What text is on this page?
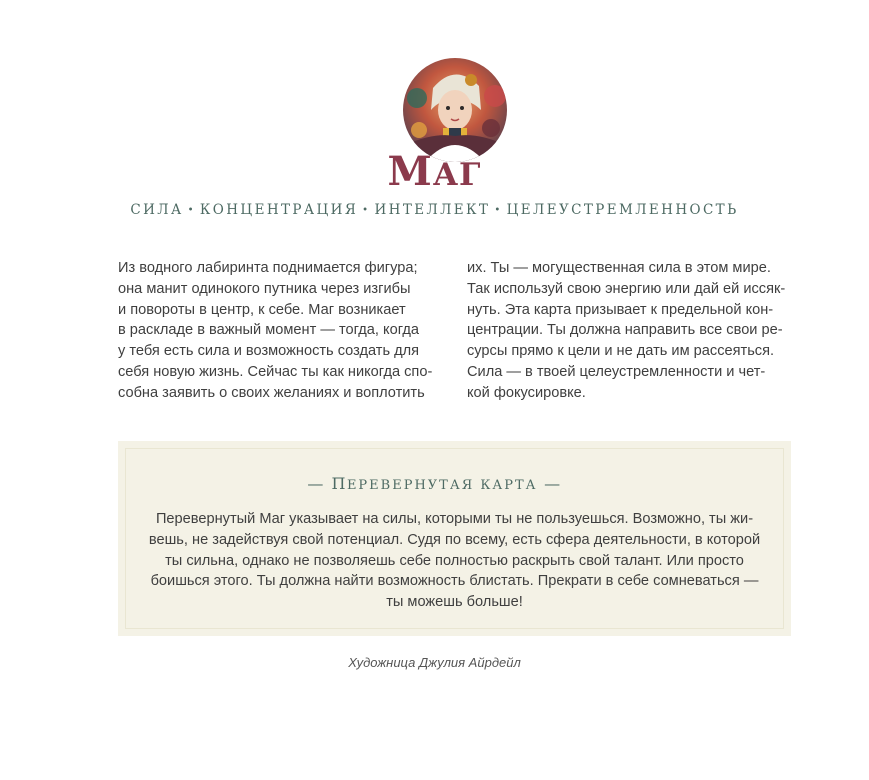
МАГ
СИЛА • КОНЦЕНТРАЦИЯ • ИНТЕЛЛЕКТ • ЦЕЛЕУСТРЕМЛЕННОСТЬ
Из водного лабиринта поднимается фигура;
она манит одинокого путника через изгибы
и повороты в центр, к себе. Маг возникает
в раскладе в важный момент — тогда, когда
у тебя есть сила и возможность создать для
себя новую жизнь. Сейчас ты как никогда спо-
собна заявить о своих желаниях и воплотить
их. Ты — могущественная сила в этом мире.
Так используй свою энергию или дай ей иссяк-
нуть. Эта карта призывает к предельной кон-
центрации. Ты должна направить все свои ре-
сурсы прямо к цели и не дать им рассеяться.
Сила — в твоей целеустремленности и чет-
кой фокусировке.
— ПЕРЕВЕРНУТАЯ КАРТА —
Перевернутый Маг указывает на силы, которыми ты не пользуешься. Возможно, ты жи-
вешь, не задействуя свой потенциал. Судя по всему, есть сфера деятельности, в которой
ты сильна, однако не позволяешь себе полностью раскрыть свой талант. Или просто
боишься этого. Ты должна найти возможность блистать. Прекрати в себе сомневаться —
ты можешь больше!
Художница Джулия Айрдейл
